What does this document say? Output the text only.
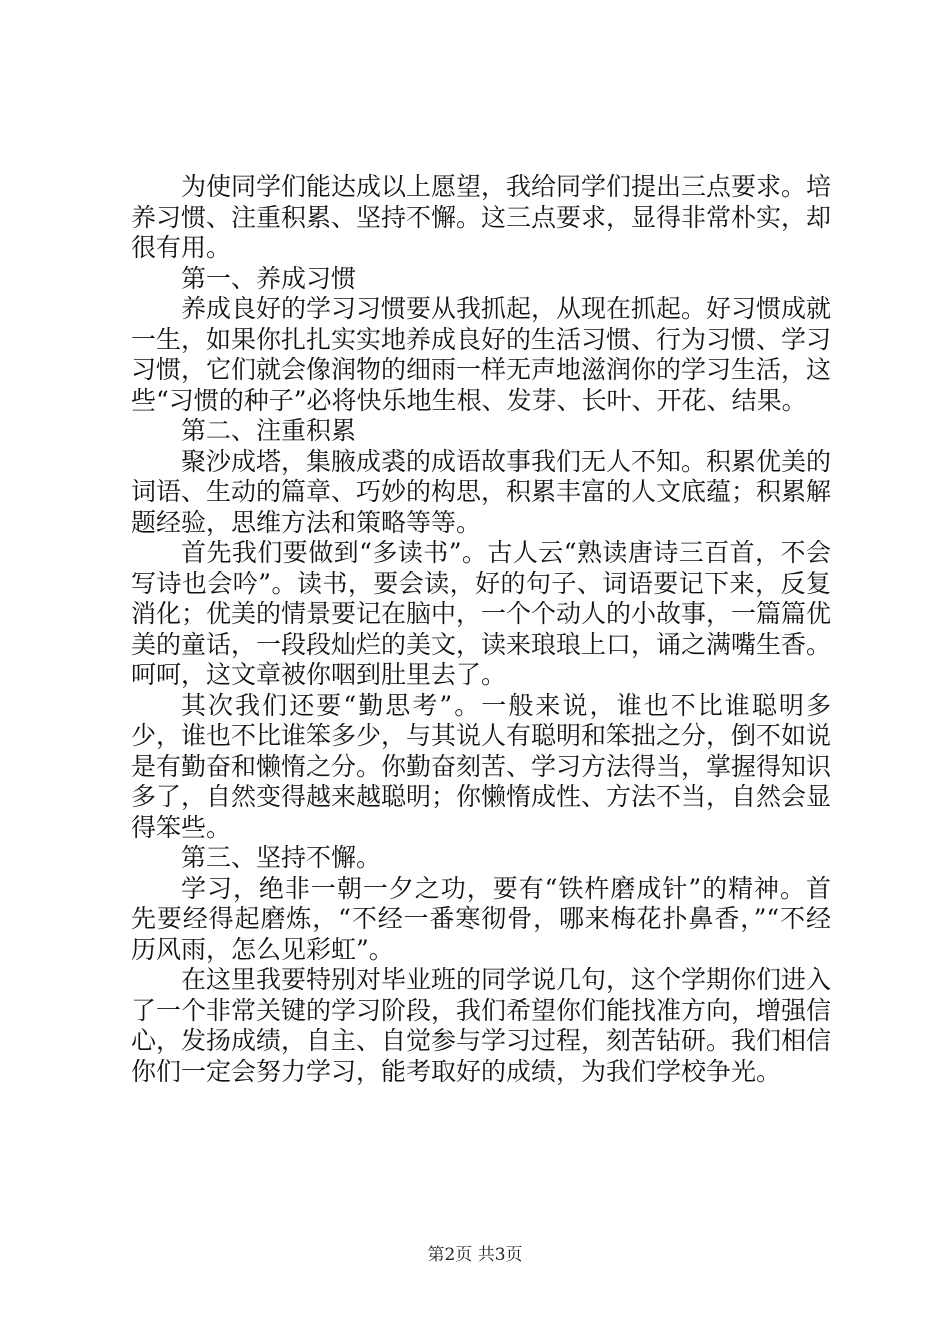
为使同学们能达成以上愿望，我给同学们提出三点要求。培养习惯、注重积累、坚持不懈。这三点要求，显得非常朴实，却很有用。

第一、养成习惯

养成良好的学习习惯要从我抓起，从现在抓起。好习惯成就一生，如果你扎扎实实地养成良好的生活习惯、行为习惯、学习习惯，它们就会像润物的细雨一样无声地滋润你的学习生活，这些“习惯的种子”必将快乐地生根、发芽、长叶、开花、结果。

第二、注重积累

聚沙成塔，集腋成裘的成语故事我们无人不知。积累优美的词语、生动的篇章、巧妙的构思，积累丰富的人文底蕴；积累解题经验，思维方法和策略等等。

首先我们要做到“多读书”。古人云“熟读唐诗三百首，不会写诗也会吟”。读书，要会读，好的句子、词语要记下来，反复消化；优美的情景要记在脑中，一个个动人的小故事，一篇篇优美的童话，一段段灿烂的美文，读来琅琅上口，诵之满嘴生香。呵呵，这文章被你咽到肚里去了。

其次我们还要“勤思考”。一般来说，谁也不比谁聪明多少，谁也不比谁笨多少，与其说人有聪明和笨拙之分，倒不如说是有勤奋和懒惰之分。你勤奋刻苦、学习方法得当，掌握得知识多了，自然变得越来越聪明；你懒惰成性、方法不当，自然会显得笨些。

第三、坚持不懈。

学习，绝非一朝一夕之功，要有“铁杵磨成针”的精神。首先要经得起磨炼，“不经一番寒彻骨，哪来梅花扑鼻香，”“不经历风雨，怎么见彩虹”。

在这里我要特别对毕业班的同学说几句，这个学期你们进入了一个非常关键的学习阶段，我们希望你们能找准方向，增强信心，发扬成绩，自主、自觉参与学习过程，刻苦钻研。我们相信你们一定会努力学习，能考取好的成绩，为我们学校争光。

第2页 共3页
